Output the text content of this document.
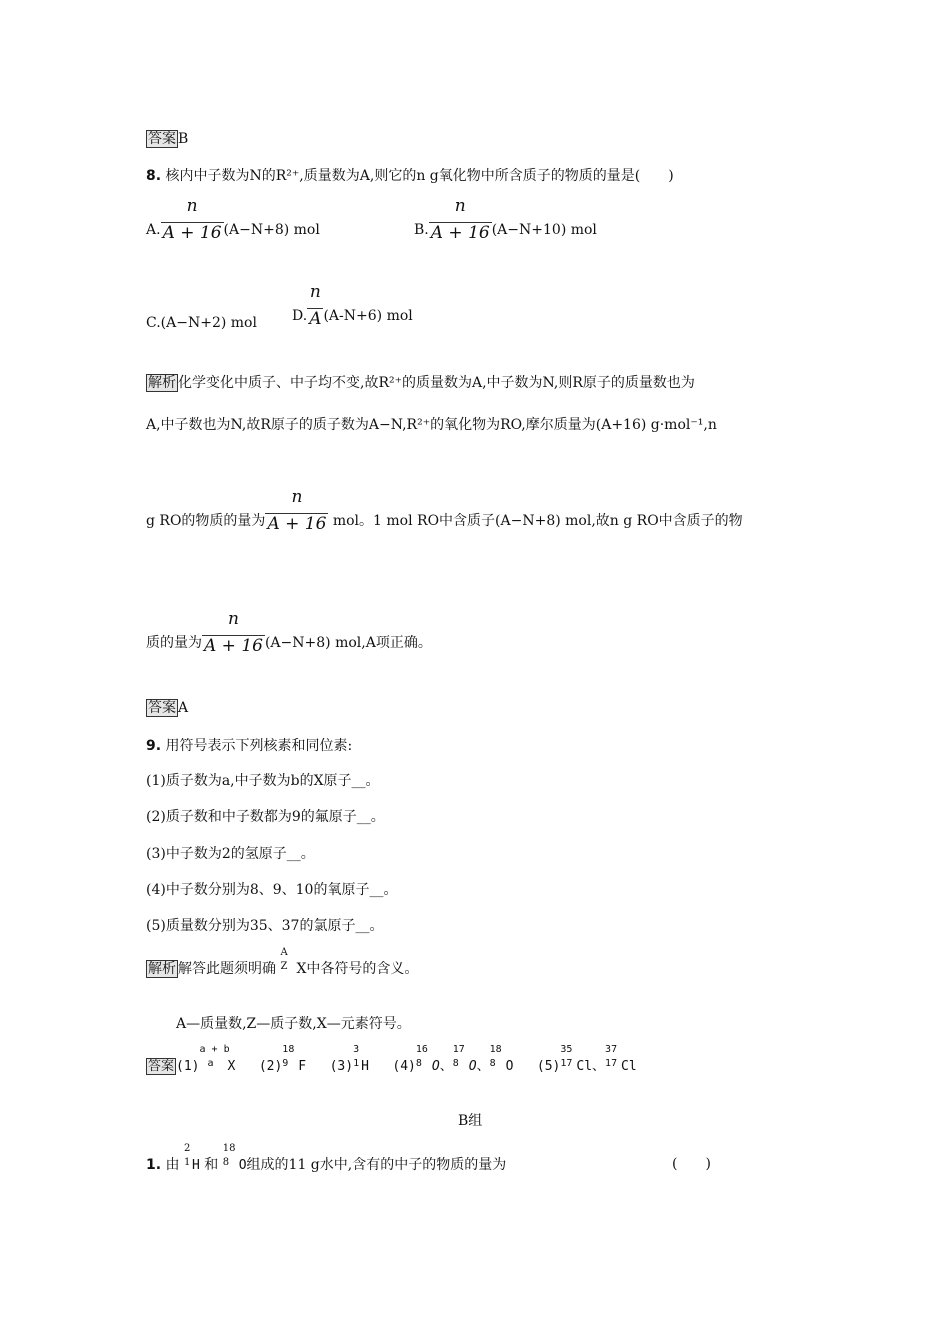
答案 B
8. 核内中子数为N的R²⁺,质量数为A,则它的n g氧化物中所含质子的物质的量是(　　)
A. $\frac{n}{A + 16} (A-N+8)$ mol	B. $\frac{n}{A + 16} (A-N+10)$ mol
C.(A−N+2) mol	D. $\frac{n}{A} (A-N+6)$ mol
解析 化学变化中质子、中子均不变,故R²⁺的质量数为A,中子数为N,则R原子的质量数也为
A,中子数也为N,故R原子的质子数为A−N,R²⁺的氧化物为RO,摩尔质量为(A+16) g·mol⁻¹,n
g RO的物质的量为 $\frac{n}{A + 16}$ mol。1 mol RO中含质子(A−N+8) mol,故n g RO中含质子的物
质的量为 $\frac{n}{A + 16} (A-N+8)$ mol,A项正确。
答案 A
9. 用符号表示下列核素和同位素:
(1)质子数为a,中子数为b的X原子__。
(2)质子数和中子数都为9的氟原子__。
(3)中子数为2的氢原子__。
(4)中子数分别为8、9、10的氧原子__。
(5)质量数分别为35、37的氯原子__。
解析 解答此题须明确
A
Z X中各符号的含义。
A—质量数,Z—质子数,X—元素符号。
答案 (1)
a + b
a X (2)
18
9 F (3)
3
1 H (4)
16
8 O、
17
8 O、
18
8 O (5)
35
17 Cl、
37
17 Cl
B组
1. 由
2
1 H 和
18
8 O组成的11 g水中,含有的中子的物质的量为	(　　)
